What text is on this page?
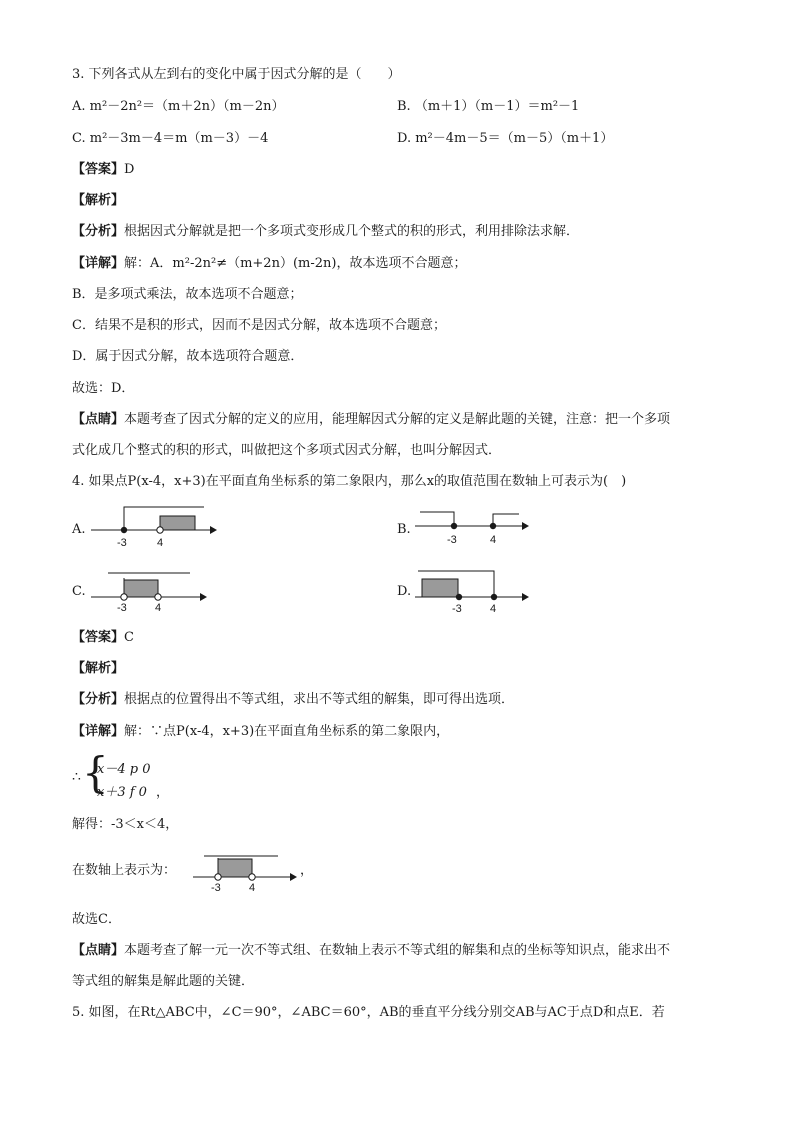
3. 下列各式从左到右的变化中属于因式分解的是（　　）
A. m²－2n²＝（m＋2n）（m－2n）	B. （m＋1）（m－1）＝m²－1
C. m²－3m－4＝m（m－3）－4	D. m²－4m－5＝（m－5）（m＋1）
【答案】D
【解析】
【分析】根据因式分解就是把一个多项式变形成几个整式的积的形式，利用排除法求解．
【详解】解：A．m²-2n²≠（m+2n）(m-2n)，故本选项不合题意；
B．是多项式乘法，故本选项不合题意；
C．结果不是积的形式，因而不是因式分解，故本选项不合题意；
D．属于因式分解，故本选项符合题意．
故选：D．
【点睛】本题考查了因式分解的定义的应用，能理解因式分解的定义是解此题的关键，注意：把一个多项
式化成几个整式的积的形式，叫做把这个多项式因式分解，也叫分解因式．
4. 如果点P(x-4，x+3)在平面直角坐标系的第二象限内，那么x的取值范围在数轴上可表示为(　)
A.
-3	4
B.
-3	4
C.
-3	4
D.
-3	4
【答案】C
【解析】
【分析】根据点的位置得出不等式组，求出不等式组的解集，即可得出选项．
【详解】解：∵点P(x-4，x+3)在平面直角坐标系的第二象限内，
∴ {
x－4 p 0
x＋3 f 0 ，
解得：-3＜x＜4，
在数轴上表示为：
-3	4
，
故选C．
【点睛】本题考查了解一元一次不等式组、在数轴上表示不等式组的解集和点的坐标等知识点，能求出不
等式组的解集是解此题的关键．
5. 如图，在Rt△ABC中，∠C＝90°，∠ABC＝60°，AB的垂直平分线分别交AB与AC于点D和点E．若
